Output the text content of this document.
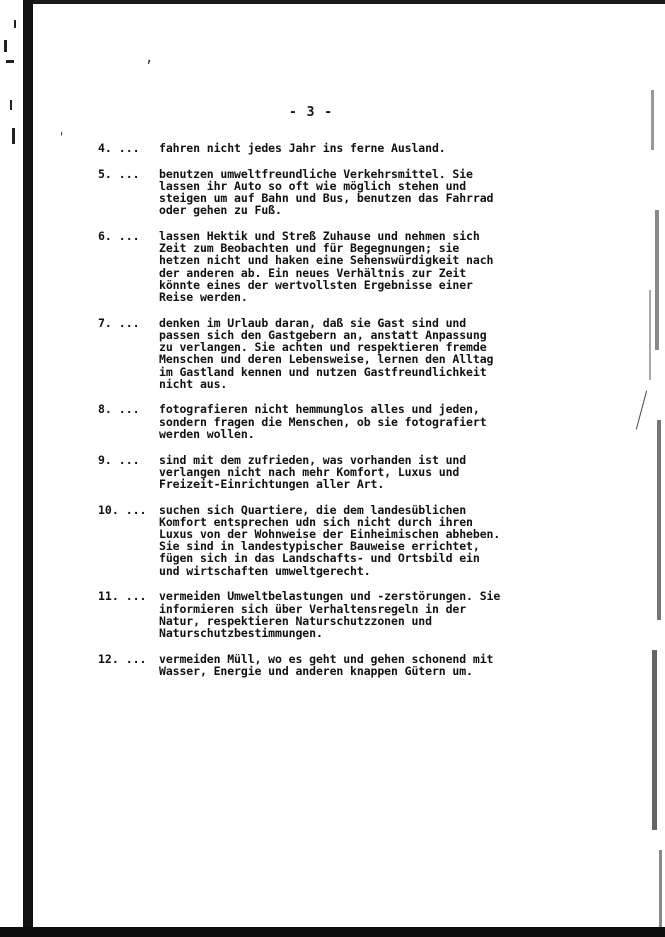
,
'
- 3 -
4. ...	fahren nicht jedes Jahr ins ferne Ausland.
5. ...	benutzen umweltfreundliche Verkehrsmittel. Sie
lassen ihr Auto so oft wie möglich stehen und
steigen um auf Bahn und Bus, benutzen das Fahrrad
oder gehen zu Fuß.
6. ...	lassen Hektik und Streß Zuhause und nehmen sich
Zeit zum Beobachten und für Begegnungen; sie
hetzen nicht und haken eine Sehenswürdigkeit nach
der anderen ab. Ein neues Verhältnis zur Zeit
könnte eines der wertvollsten Ergebnisse einer
Reise werden.
7. ...	denken im Urlaub daran, daß sie Gast sind und
passen sich den Gastgebern an, anstatt Anpassung
zu verlangen. Sie achten und respektieren fremde
Menschen und deren Lebensweise, lernen den Alltag
im Gastland kennen und nutzen Gastfreundlichkeit
nicht aus.
8. ...	fotografieren nicht hemmunglos alles und jeden,
sondern fragen die Menschen, ob sie fotografiert
werden wollen.
9. ...	sind mit dem zufrieden, was vorhanden ist und
verlangen nicht nach mehr Komfort, Luxus und
Freizeit-Einrichtungen aller Art.
10. ...	suchen sich Quartiere, die dem landesüblichen
Komfort entsprechen udn sich nicht durch ihren
Luxus von der Wohnweise der Einheimischen abheben.
Sie sind in landestypischer Bauweise errichtet,
fügen sich in das Landschafts- und Ortsbild ein
und wirtschaften umweltgerecht.
11. ...	vermeiden Umweltbelastungen und -zerstörungen. Sie
informieren sich über Verhaltensregeln in der
Natur, respektieren Naturschutzzonen und
Naturschutzbestimmungen.
12. ...	vermeiden Müll, wo es geht und gehen schonend mit
Wasser, Energie und anderen knappen Gütern um.
